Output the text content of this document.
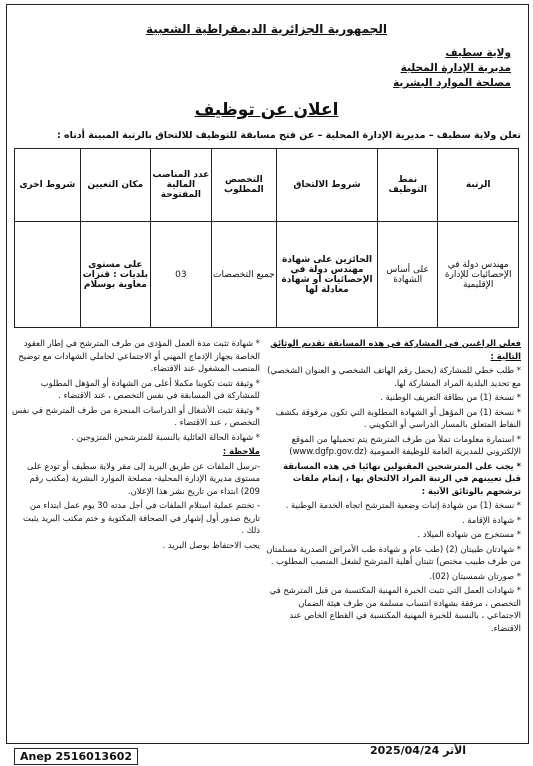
الجمهورية الجزائرية الديمقراطية الشعبية
ولاية سطيف
مديرية الإدارة المحلية
مصلحة الموارد البشرية
اعلان عن توظيف
تعلن ولاية سطيف – مديرية الإدارة المحلية – عن فتح مسابقة للتوظيف للالتحاق بالرتبة المبينة أدناه :
الرتبة	نمط التوظيف	شروط الالتحاق	التخصص المطلوب	عدد المناصب المالية المفتوحة	مكان التعيين	شروط اخرى
مهندس دولة في الإحصائيات للإدارة الإقليمية	على أساس الشهادة	الحائزين على شهادة مهندس دولة في الإحصائيات أو شهادة معادلة لها	جميع التخصصات	03	على مستوى بلديات : قنزات معاوية بوسلام	

فعلى الراغبين في المشاركة في هذه المسابقة تقديم الوثائق التالية :

* طلب خطي للمشاركة (يحمل رقم الهاتف الشخصي و العنوان الشخصي) مع تحديد البلدية المراد المشاركة لها.

* نسخة (1) من بطاقة التعريف الوطنية .

* نسخة (1) من المؤهل أو الشهادة المطلوبة التي تكون مرفوقة بكشف النقاط المتعلق بالمسار الدراسي أو التكويني .

* استمارة معلومات تملأ من طرف المترشح يتم تحميلها من الموقع الإلكتروني للمديرية العامة للوظيفة العمومية (www.dgfp.gov.dz)

* يجب على المترشحين المقبولين نهائيا في هذه المسابقة قبل تعيينهم في الرتبة المراد الالتحاق بها ، إتمام ملفات ترشحهم بالوثائق الآتية :

* نسخة (1) من شهادة إثبات وضعية المترشح اتجاه الخدمة الوطنية .

* شهادة الإقامة .

* مستخرج من شهادة الميلاد .

* شهادتان طبيتان (2) (طب عام و شهادة طب الأمراض الصدرية مسلمتان من طرف طبيب مختص) تثبتان أهلية المترشح لشغل المنصب المطلوب .

* صورتان شمسيتان (02).

* شهادات العمل التي تثبت الخبرة المهنية المكتسبة من قبل المترشح في التخصص ، مرفقة بشهادة انتساب مسلمة من طرف هيئة الضمان الاجتماعي ، بالنسبة للخبرة المهنية المكتسبة في القطاع الخاص عند الاقتضاء.

* شهادة تثبت مدة العمل المؤدى من طرف المترشح في إطار العقود الخاصة بجهاز الإدماج المهني أو الاجتماعي لحاملي الشهادات مع توضيح المنصب المشغول عند الاقتضاء.

* وثيقة تثبت تكوينا مكملا أعلى من الشهادة أو المؤهل المطلوب للمشاركة في المسابقة في نفس التخصص ، عند الاقتضاء .

* وثيقة تثبت الأشغال أو الدراسات المنجزة من طرف المترشح في نفس التخصص ، عند الاقتضاء .

* شهادة الحالة العائلية بالنسبة للمترشحين المتزوجين .

ملاحظة :

-ترسل الملفات عن طريق البريد إلى مقر ولاية سطيف أو تودع على مستوى مديرية الإدارة المحلية- مصلحة الموارد البشرية (مكتب رقم 209) ابتداء من تاريخ نشر هذا الإعلان.

- تختتم عملية استلام الملفات في أجل مدته 30 يوم عمل ابتداء من تاريخ صدور أول إشهار في الصحافة المكتوبة و ختم مكتب البريد يثبت ذلك .

يجب الاحتفاظ بوصل البريد .

Anep 2516013602	2025/04/24 الأثر
